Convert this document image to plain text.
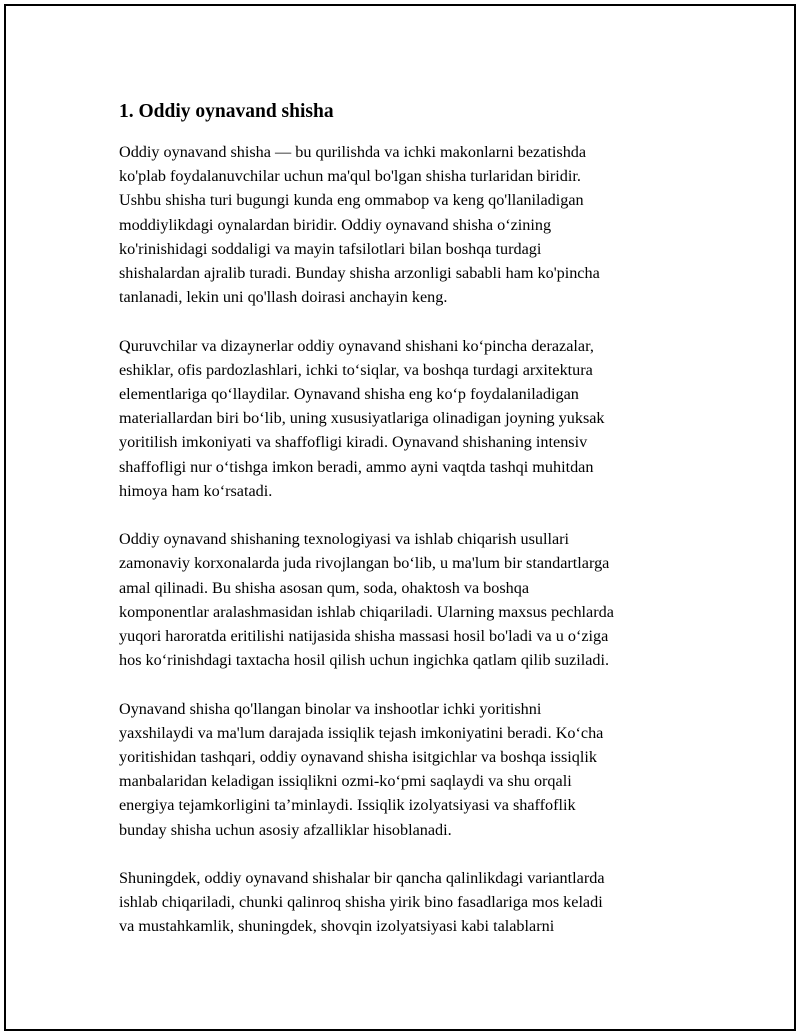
1. Oddiy oynavand shisha

Oddiy oynavand shisha — bu qurilishda va ichki makonlarni bezatishda
ko'plab foydalanuvchilar uchun ma'qul bo'lgan shisha turlaridan biridir.
Ushbu shisha turi bugungi kunda eng ommabop va keng qo'llaniladigan
moddiylikdagi oynalardan biridir. Oddiy oynavand shisha oʻzining
ko'rinishidagi soddaligi va mayin tafsilotlari bilan boshqa turdagi
shishalardan ajralib turadi. Bunday shisha arzonligi sababli ham ko'pincha
tanlanadi, lekin uni qo'llash doirasi anchayin keng.

Quruvchilar va dizaynerlar oddiy oynavand shishani koʻpincha derazalar,
eshiklar, ofis pardozlashlari, ichki toʻsiqlar, va boshqa turdagi arxitektura
elementlariga qoʻllaydilar. Oynavand shisha eng koʻp foydalaniladigan
materiallardan biri boʻlib, uning xususiyatlariga olinadigan joyning yuksak
yoritilish imkoniyati va shaffofligi kiradi. Oynavand shishaning intensiv
shaffofligi nur oʻtishga imkon beradi, ammo ayni vaqtda tashqi muhitdan
himoya ham koʻrsatadi.

Oddiy oynavand shishaning texnologiyasi va ishlab chiqarish usullari
zamonaviy korxonalarda juda rivojlangan boʻlib, u ma'lum bir standartlarga
amal qilinadi. Bu shisha asosan qum, soda, ohaktosh va boshqa
komponentlar aralashmasidan ishlab chiqariladi. Ularning maxsus pechlarda
yuqori haroratda eritilishi natijasida shisha massasi hosil bo'ladi va u oʻziga
hos koʻrinishdagi taxtacha hosil qilish uchun ingichka qatlam qilib suziladi.

Oynavand shisha qo'llangan binolar va inshootlar ichki yoritishni
yaxshilaydi va ma'lum darajada issiqlik tejash imkoniyatini beradi. Koʻcha
yoritishidan tashqari, oddiy oynavand shisha isitgichlar va boshqa issiqlik
manbalaridan keladigan issiqlikni ozmi-koʻpmi saqlaydi va shu orqali
energiya tejamkorligini taʼminlaydi. Issiqlik izolyatsiyasi va shaffoflik
bunday shisha uchun asosiy afzalliklar hisoblanadi.

Shuningdek, oddiy oynavand shishalar bir qancha qalinlikdagi variantlarda
ishlab chiqariladi, chunki qalinroq shisha yirik bino fasadlariga mos keladi
va mustahkamlik, shuningdek, shovqin izolyatsiyasi kabi talablarni
